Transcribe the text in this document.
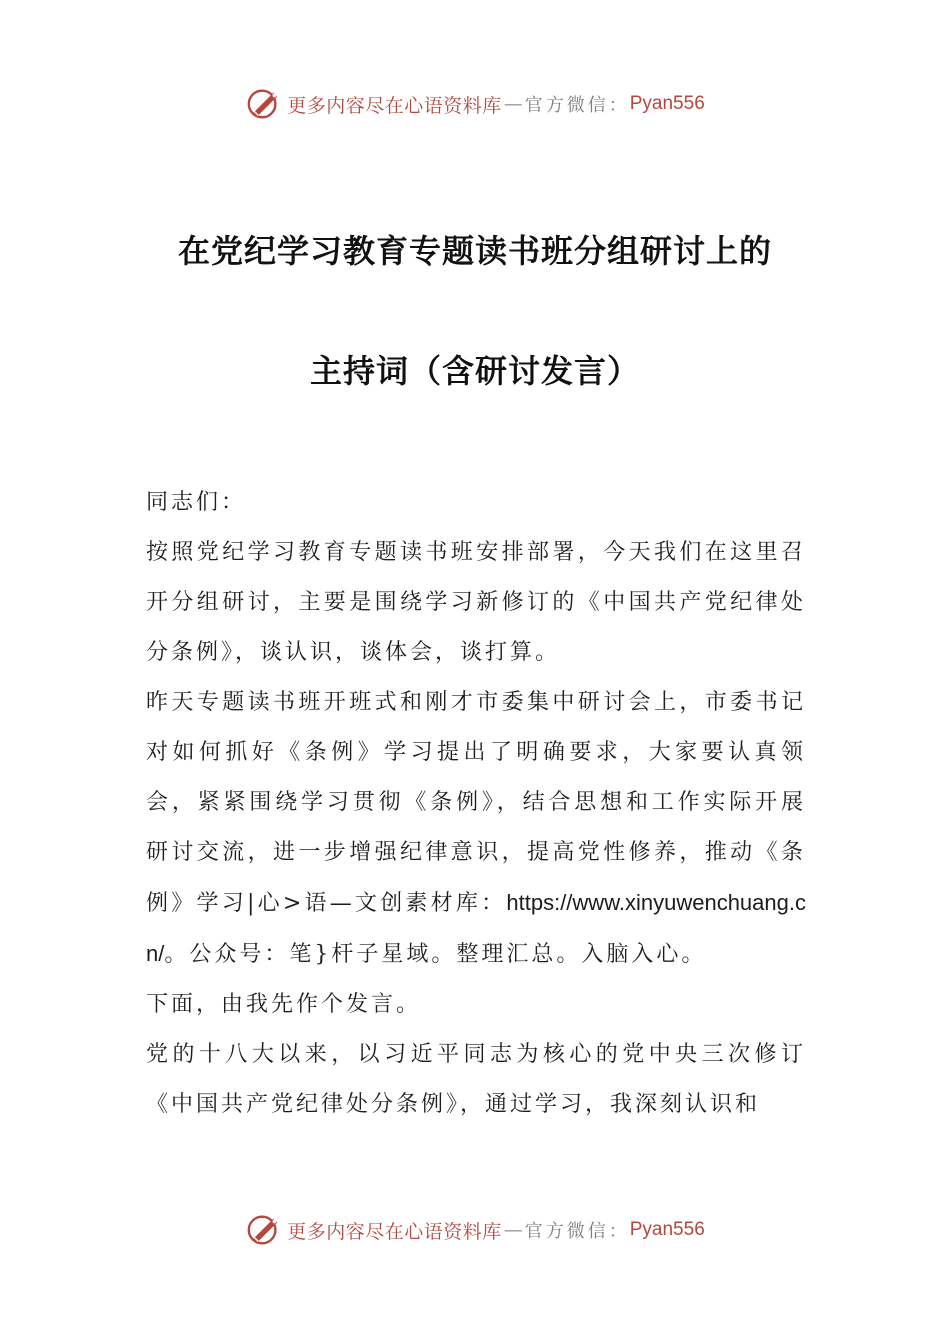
更多内容尽在心语资料库 — 官方微信： Pyan556
在党纪学习教育专题读书班分组研讨上的
主持词（含研讨发言）

同志们：

按照党纪学习教育专题读书班安排部署，今天我们在这里召开分组研讨，主要是围绕学习新修订的《中国共产党纪律处分条例》，谈认识，谈体会，谈打算。

昨天专题读书班开班式和刚才市委集中研讨会上，市委书记对如何抓好《条例》学习提出了明确要求，大家要认真领会，紧紧围绕学习贯彻《条例》，结合思想和工作实际开展研讨交流，进一步增强纪律意识，提高党性修养，推动《条例》学习|心>语—文创素材库：https://www.xinyuwenchuang.cn/。公众号：笔}杆子星域。整理汇总。入脑入心。

下面，由我先作个发言。

党的十八大以来，以习近平同志为核心的党中央三次修订《中国共产党纪律处分条例》，通过学习，我深刻认识和

更多内容尽在心语资料库 — 官方微信： Pyan556
